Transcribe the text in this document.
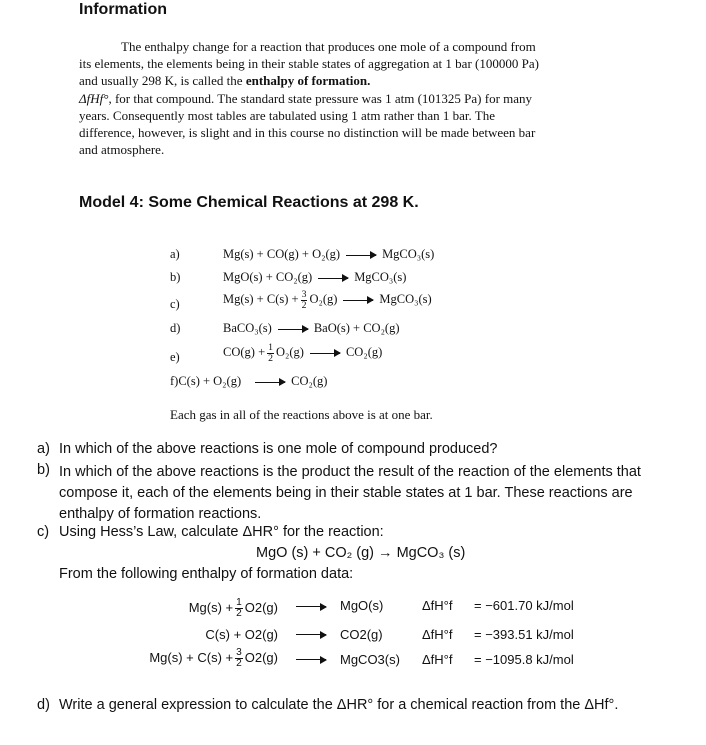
Information
The enthalpy change for a reaction that produces one mole of a compound from
its elements, the elements being in their stable states of aggregation at 1 bar (100000 Pa)
and usually 298 K, is called the enthalpy of formation.
ΔfHf°, for that compound. The standard state pressure was 1 atm (101325 Pa) for many
years. Consequently most tables are tabulated using 1 atm rather than 1 bar. The
difference, however, is slight and in this course no distinction will be made between bar
and atmosphere.
Model 4: Some Chemical Reactions at 298 K.
a)	Mg(s) + CO(g) + O₂(g)	MgCO₃(s)
b)	MgO(s) + CO₂(g)	MgCO₃(s)
c)	$Mg(s) + C(s) + \frac{3}{2} O_2(g)$	MgCO₃(s)
d)	BaCO₃(s)	BaO(s) + CO₂(g)
e)	$CO(g) + \frac{1}{2} O_2(g)$	CO₂(g)
f)C(s) + O₂(g)	CO₂(g)
Each gas in all of the reactions above is at one bar.
a) In which of the above reactions is one mole of compound produced?
b) In which of the above reactions is the product the result of the reaction of the elements that
compose it, each of the elements being in their stable states at 1 bar. These reactions are
enthalpy of formation reactions.
c) Using Hess’s Law, calculate ΔHR° for the reaction:
MgO (s) + CO₂ (g) → MgCO₃ (s)
From the following enthalpy of formation data:
$Mg(s) + \frac{1}{2} O2(g)$	MgO(s)	ΔfH°f = −601.70 kJ/mol
C(s) + O2(g)	CO2(g)	ΔfH°f = −393.51 kJ/mol
$Mg(s) + C(s) + \frac{3}{2} O2(g)$	MgCO3(s) ΔfH°f = −1095.8 kJ/mol
d) Write a general expression to calculate the ΔHR° for a chemical reaction from the ΔHf°.
